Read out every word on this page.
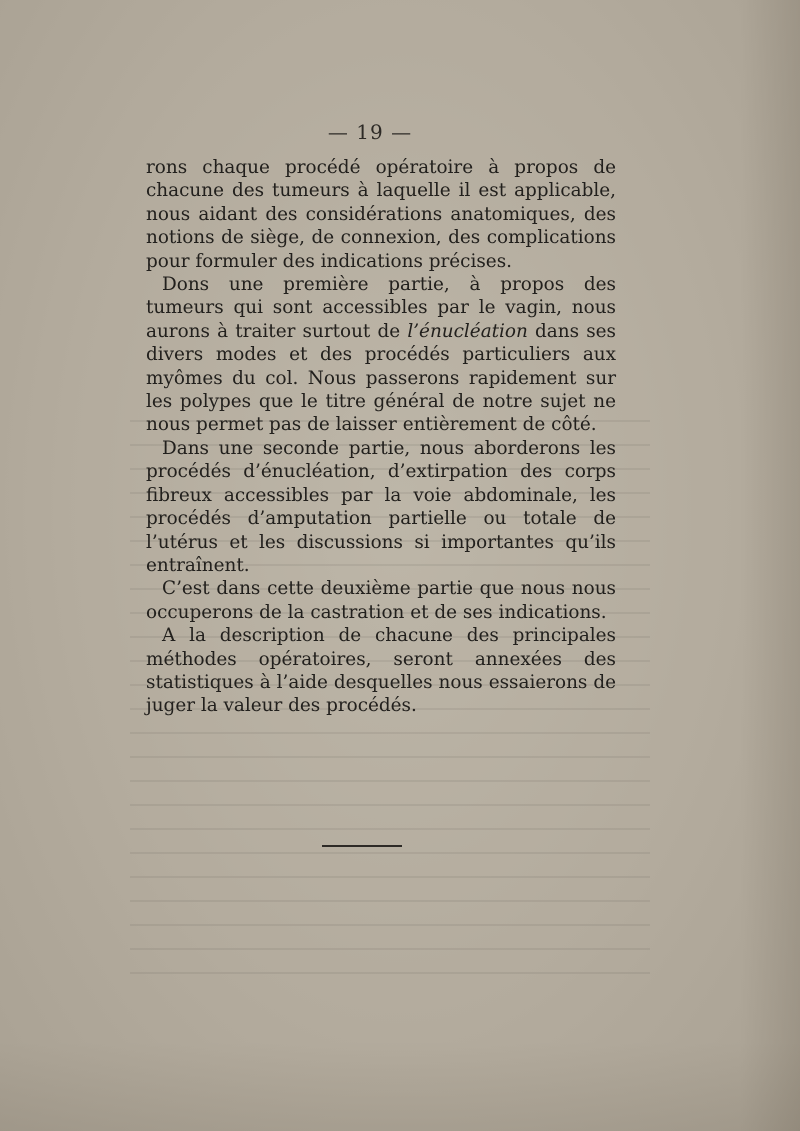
— 19 —

rons chaque procédé opératoire à propos de chacune des tumeurs à laquelle il est applicable, nous aidant des considérations anatomiques, des notions de siège, de connexion, des complications pour formuler des indications précises.

Dons une première partie, à propos des tumeurs qui sont accessibles par le vagin, nous aurons à traiter surtout de l’énucléation dans ses divers modes et des procédés particuliers aux myômes du col. Nous passerons rapidement sur les polypes que le titre général de notre sujet ne nous permet pas de laisser entièrement de côté.

Dans une seconde partie, nous aborderons les procédés d’énucléation, d’extirpation des corps fibreux accessibles par la voie abdominale, les procédés d’amputation partielle ou totale de l’utérus et les discussions si importantes qu’ils entraînent.

C’est dans cette deuxième partie que nous nous occuperons de la castration et de ses indications.

A la description de chacune des principales méthodes opératoires, seront annexées des statistiques à l’aide desquelles nous essaierons de juger la valeur des procédés.
